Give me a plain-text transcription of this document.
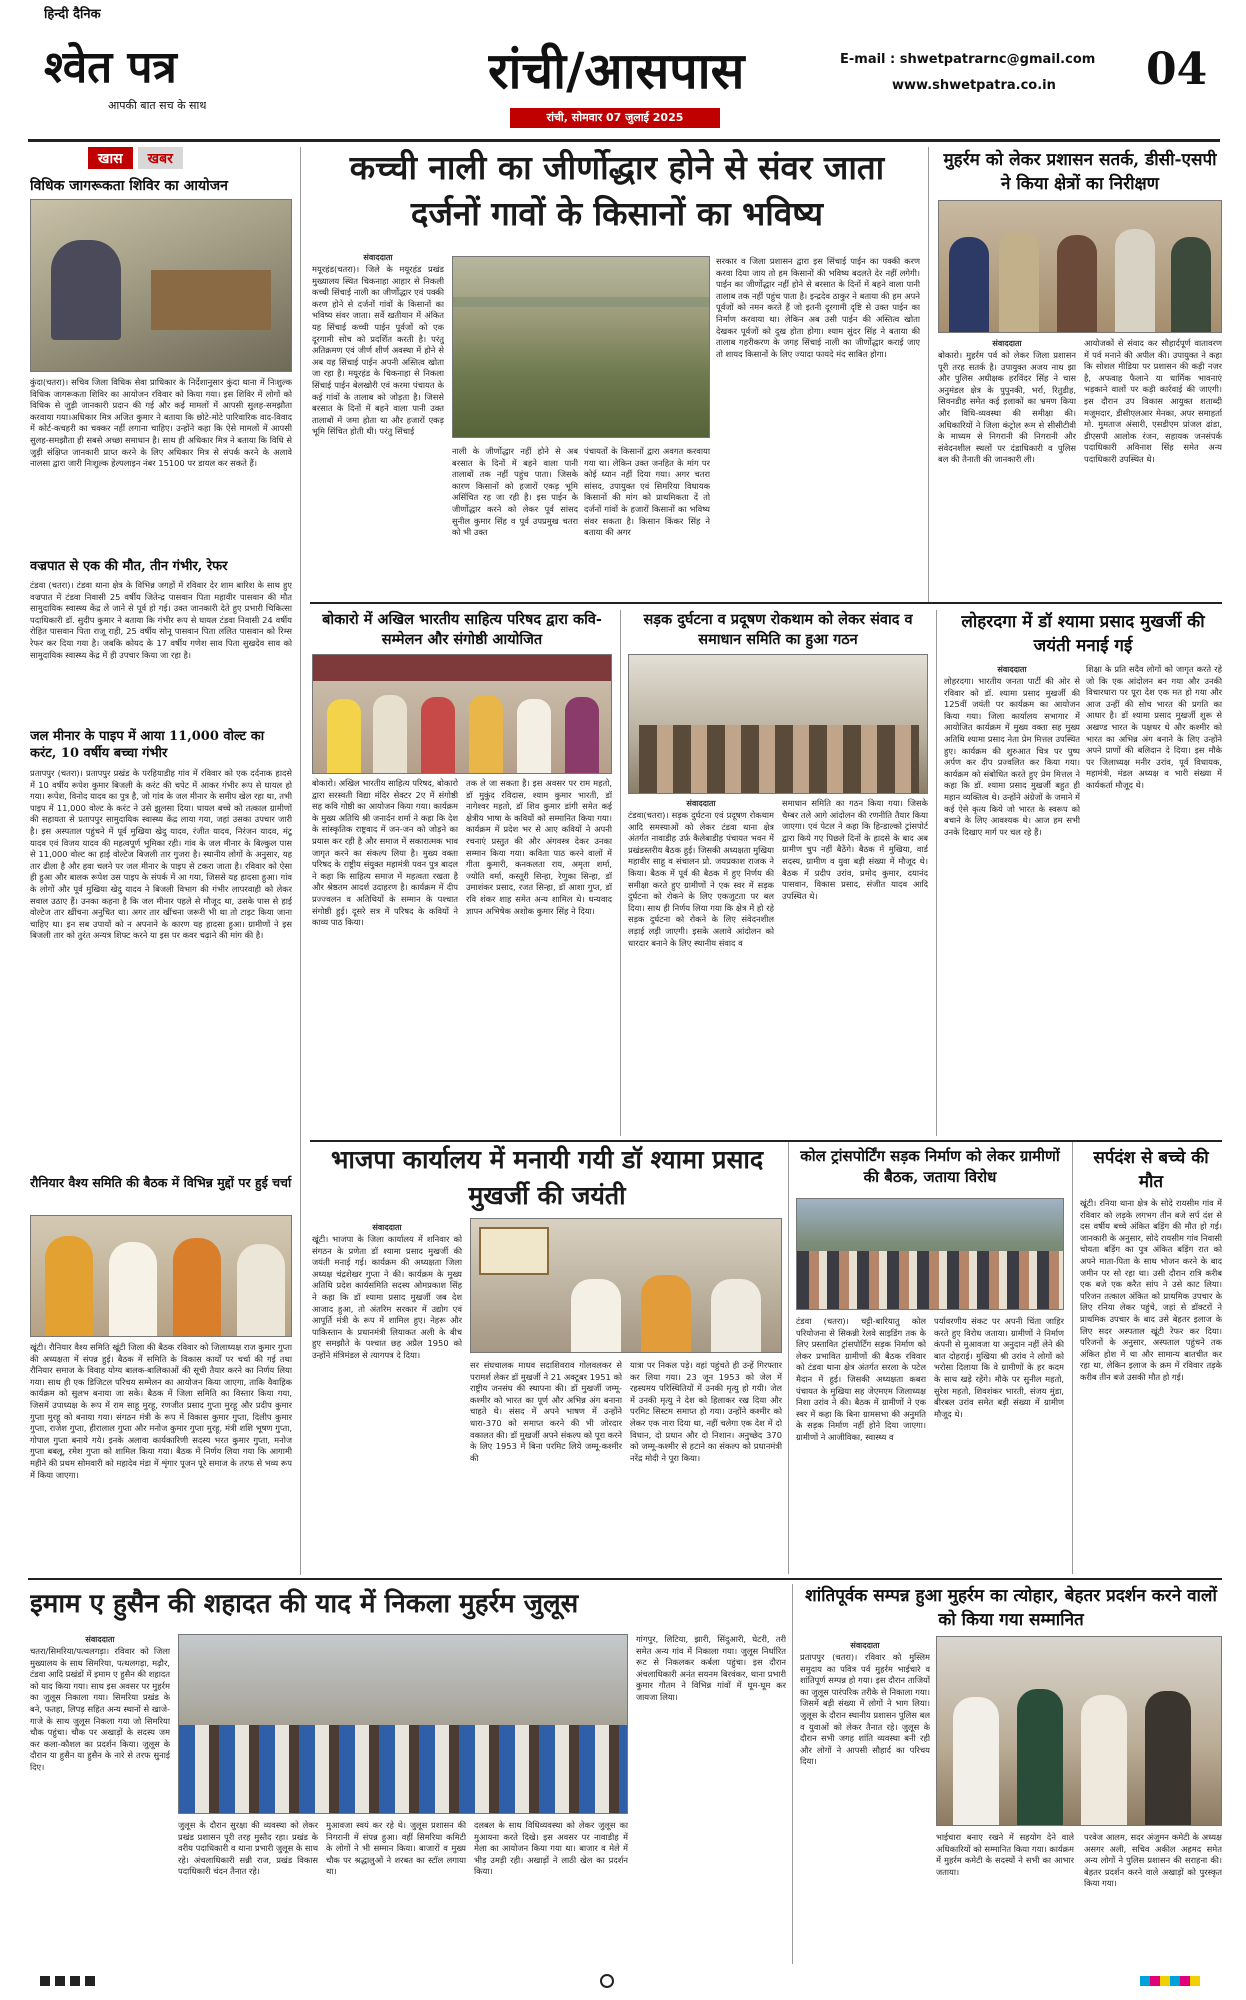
हिन्दी दैनिक
श्वेत पत्र
आपकी बात सच के साथ
रांची/आसपास
रांची, सोमवार 07 जुलाई 2025
E-mail : shwetpatrarnc@gmail.com
www.shwetpatra.co.in	04
खास खबर
विधिक जागरूकता शिविर का आयोजन
कुंदा(चतरा)। सचिव जिला विधिक सेवा प्राधिकार के निर्देशानुसार कुंदा थाना में निःशुल्क विधिक जागरूकता शिविर का आयोजन रविवार को किया गया। इस शिविर में लोगों को विधिक से जुड़ी जानकारी प्रदान की गई और कई मामलों में आपसी सुलह-समझौता करवाया गया।अधिकार मित्र अजित कुमार ने बताया कि छोटे-मोटे पारिवारिक वाद-विवाद में कोर्ट-कचहरी का चक्कर नहीं लगाना चाहिए। उन्होंने कहा कि ऐसे मामलों में आपसी सुलह-समझौता ही सबसे अच्छा समाधान है। साथ ही अधिकार मित्र ने बताया कि विधि से जुड़ी संक्षिप्त जानकारी प्राप्त करने के लिए अधिकार मित्र से संपर्क करने के अलावे नालसा द्वारा जारी निःशुल्क हेल्पलाइन नंबर 15100 पर डायल कर सकते हैं।
वज्रपात से एक की मौत, तीन गंभीर, रेफर
टंडवा (चतरा)। टंडवा थाना क्षेत्र के विभिन्न जगहों में रविवार देर शाम बारिश के साथ हुए वज्रपात में टंडवा निवासी 25 वर्षीय जितेन्द्र पासवान पिता महावीर पासवान की मौत सामुदायिक स्वास्थ्य केंद्र ले जाने से पूर्व हो गई। उक्त जानकारी देते हुए प्रभारी चिकित्सा पदाधिकारी डॉ. सुदीप कुमार ने बताया कि गंभीर रूप से घायल टंडवा निवासी 24 वर्षीय रोहित पासवान पिता राजू राही, 25 वर्षीय सोनू पासवान पिता ललित पासवान को रिम्स रेफर कर दिया गया है। जबकि कोयद के 17 वर्षीय गणेश साव पिता सुखदेव साव को सामुदायिक स्वास्थ्य केंद्र में ही उपचार किया जा रहा है।
जल मीनार के पाइप में आया 11,000 वोल्ट का करंट, 10 वर्षीय बच्चा गंभीर
प्रतापपुर (चतरा)। प्रतापपुर प्रखंड के परहियाडीह गांव में रविवार को एक दर्दनाक हादसे में 10 वर्षीय रूपेश कुमार बिजली के करंट की चपेट में आकर गंभीर रूप से घायल हो गया। रूपेश, विनोद यादव का पुत्र है, जो गांव के जल मीनार के समीप खेल रहा था, तभी पाइप में 11,000 वोल्ट के करंट ने उसे झुलसा दिया। घायल बच्चे को तत्काल ग्रामीणों की सहायता से प्रतापपुर सामुदायिक स्वास्थ्य केंद्र लाया गया, जहां उसका उपचार जारी है। इस अस्पताल पहुंचने में पूर्व मुखिया खेदु यादव, रंजीत यादव, निरंजन यादव, मंटू यादव एवं विजय यादव की महत्वपूर्ण भूमिका रही। गांव के जल मीनार के बिल्कुल पास से 11,000 वोल्ट का हाई वोल्टेज बिजली तार गुजरा है। स्थानीय लोगों के अनुसार, यह तार ढीला है और हवा चलने पर जल मीनार के पाइप से टकरा जाता है। रविवार को ऐसा ही हुआ और बालक रूपेश उस पाइप के संपर्क में आ गया, जिससे यह हादसा हुआ। गांव के लोगों और पूर्व मुखिया खेदु यादव ने बिजली विभाग की गंभीर लापरवाही को लेकर सवाल उठाए हैं। उनका कहना है कि जल मीनार पहले से मौजूद था, उसके पास से हाई वोल्टेज तार खींचना अनुचित था। अगर तार खींचना जरूरी भी था तो टाइट किया जाना चाहिए था। इन सब उपायों को न अपनाने के कारण यह हादसा हुआ। ग्रामीणों ने इस बिजली तार को तुरंत अन्यत्र शिफ्ट करने या इस पर कवर चढ़ाने की मांग की है।
रौनियार वैश्य समिति की बैठक में विभिन्न मुद्दों पर हुई चर्चा
खूंटी। रौनियार वैश्य समिति खूंटी जिला की बैठक रविवार को जिलाध्यक्ष राज कुमार गुप्ता की अध्यक्षता में संपन्न हुई। बैठक में समिति के विकास कार्यों पर चर्चा की गई तथा रौनियार समाज के विवाह योग्य बालक-बालिकाओं की सूची तैयार करने का निर्णय लिया गया। साथ ही एक डिजिटल परिचय सम्मेलन का आयोजन किया जाएगा, ताकि वैवाहिक कार्यक्रम को सुलभ बनाया जा सके। बैठक में जिला समिति का विस्तार किया गया, जिसमें उपाध्यक्ष के रूप में राम साहू मुरहू, रणजीत प्रसाद गुप्ता मुरहू और प्रदीप कुमार गुप्ता मुरहू को बनाया गया। संगठन मंत्री के रूप में विकास कुमार गुप्ता, दिलीप कुमार गुप्ता, राजेश गुप्ता, हीरालाल गुप्ता और मनोज कुमार गुप्ता मुरहू, मंत्री शशि भूषण गुप्ता, गोपाल गुप्ता बनाये गये। इनके अलावा कार्यकारिणी सदस्य भरत कुमार गुप्ता, मनोज गुप्ता बबलू, रमेश गुप्ता को शामिल किया गया। बैठक में निर्णय लिया गया कि आगामी महीने की प्रथम सोमवारी को महादेव मंडा में शृंगार पूजन पूरे समाज के तरफ से भव्य रूप में किया जाएगा।
कच्ची नाली का जीर्णोद्धार होने से संवर जाता दर्जनों गावों के किसानों का भविष्य
संवाददाता
मयूरहंड(चतरा)। जिले के मयूरहंड प्रखंड मुख्यालय स्थित चिकनाहा आहार से निकली कच्ची सिंचाई नाली का जीर्णोद्धार एवं पक्की करण होने से दर्जनों गांवों के किसानों का भविष्य संवर जाता। सर्वे खतीयान में अंकित यह सिंचाई कच्ची पाईन पूर्वजों को एक दूरगामी सोच को प्रदर्शित करती है। परंतु अतिक्रमण एवं जीर्ण शीर्ण अवस्था में होने से अब यह सिंचाई पाईन अपनी अस्तित्व खोता जा रहा है। मयूरहंड के चिकनाहा से निकला सिंचाई पाईन बेलखोरी एवं करमा पंचायत के कई गांवों के तालाब को जोड़ता है। जिससे बरसात के दिनों में बहने वाला पानी उक्त तालाबों में जमा होता था और हजारों एकड़ भूमि सिंचित होती थी। परंतु सिंचाई
नाली के जीर्णोद्धार नहीं होने से अब बरसात के दिनों में बहने वाला पानी तालाबों तक नहीं पहुंच पाता। जिसके कारण किसानों को हजारों एकड़ भूमि असिंचित रह जा रही है। इस पाईन के जीर्णोद्धार करने को लेकर पूर्व सांसद सुनील कुमार सिंह व पूर्व उपप्रमुख चतरा को भी उक्त
पंचायतों के किसानों द्वारा अवगत करवाया गया था। लेकिन उक्त जनहित के मांग पर कोई ध्यान नहीं दिया गया। अगर चतरा सांसद, उपायुक्त एवं सिमरिया विधायक किसानों की मांग को प्राथमिकता दें तो दर्जनों गांवों के हजारों किसानों का भविष्य संवर सकता है। किसान किंकर सिंह ने बताया की अगर
सरकार व जिला प्रशासन द्वारा इस सिंचाई पाईन का पक्की करण करवा दिया जाय तो हम किसानों की भविष्य बदलते देर नहीं लगेगी। पाईन का जीर्णोद्धार नहीं होने से बरसात के दिनों में बहने वाला पानी तालाब तक नहीं पहुंच पाता है। इन्द्रदेव ठाकुर ने बताया की हम अपने पूर्वजों को नमन करते हैं जो इतनी दूरगामी दृष्टि से उक्त पाईन का निर्माण करवाया था। लेकिन अब उसी पाईन की अस्तित्व खोता देखकर पूर्वजों को दुख होता होगा। श्याम सुंदर सिंह ने बताया की तालाब गहरीकरण के जगह सिंचाई नाली का जीर्णोद्धार कराई जाए तो शायद किसानों के लिए ज्यादा फायदे मंद साबित होगा।
मुहर्रम को लेकर प्रशासन सतर्क, डीसी-एसपी ने किया क्षेत्रों का निरीक्षण
संवाददाता
बोकारो। मुहर्रम पर्व को लेकर जिला प्रशासन पूरी तरह सतर्क है। उपायुक्त अजय नाथ झा और पुलिस अधीक्षक हरविंदर सिंह ने चास अनुमंडल क्षेत्र के पुपुनकी, भर्रा, रितुडीह, सिवनडीह समेत कई इलाकों का भ्रमण किया और विधि-व्यवस्था की समीक्षा की। अधिकारियों ने जिला कंट्रोल रूम से सीसीटीवी के माध्यम से निगरानी की निगरानी और संवेदनशील स्थलों पर दंडाधिकारी व पुलिस बल की तैनाती की जानकारी ली।
आयोजकों से संवाद कर सौहार्दपूर्ण वातावरण में पर्व मनाने की अपील की। उपायुक्त ने कहा कि सोशल मीडिया पर प्रशासन की कड़ी नजर है, अफवाह फैलाने या धार्मिक भावनाएं भड़काने वालों पर कड़ी कार्रवाई की जाएगी। इस दौरान उप विकास आयुक्त शताब्दी मजूमदार, डीसीएलआर मेनका, अपर समाहर्ता मो. मुमताज अंसारी, एसडीएम प्रांजल ढांडा, डीएसपी आलोक रंजन, सहायक जनसंपर्क पदाधिकारी अविनाश सिंह समेत अन्य पदाधिकारी उपस्थित थे।
बोकारो में अखिल भारतीय साहित्य परिषद द्वारा कवि-सम्मेलन और संगोष्ठी आयोजित
बोकारो। अखिल भारतीय साहित्य परिषद, बोकारो द्वारा सरस्वती विद्या मंदिर सेक्टर 2ए में संगोष्ठी सह कवि गोष्ठी का आयोजन किया गया। कार्यक्रम के मुख्य अतिथि श्री जनार्दन शर्मा ने कहा कि देश के सांस्कृतिक राष्ट्रवाद में जन-जन को जोड़ने का प्रयास कर रही है और समाज में सकारात्मक भाव जागृत करने का संकल्प लिया है। मुख्य वक्ता परिषद के राष्ट्रीय संयुक्त महामंत्री पवन पुत्र बादल ने कहा कि साहित्य समाज में महत्वता रखता है और श्रेष्ठतम आदर्श उदाहरण है। कार्यक्रम में दीप प्रज्ज्वलन व अतिथियों के सम्मान के पश्चात संगोष्ठी हुई। दूसरे सत्र में परिषद के कवियों ने काव्य पाठ किया।
तक ले जा सकता है। इस अवसर पर राम महतो, डॉ मुकुंद रविदास, श्याम कुमार भारती, डॉ नागेश्वर महतो, डॉ शिव कुमार डांगी समेत कई क्षेत्रीय भाषा के कवियों को सम्मानित किया गया। कार्यक्रम में प्रदेश भर से आए कवियों ने अपनी रचनाएं प्रस्तुत की और अंगवस्त्र देकर उनका सम्मान किया गया। कविता पाठ करने वालों में गीता कुमारी, कनकलता राय, अमृता शर्मा, ज्योति वर्मा, कस्तूरी सिन्हा, रेणुका सिन्हा, डॉ उमाशंकर प्रसाद, रजत सिन्हा, डॉ आशा गुप्त, डॉ रवि शंकर शाह समेत अन्य शामिल थे। धन्यवाद ज्ञापन अभिषेक अशोक कुमार सिंह ने दिया।
सड़क दुर्घटना व प्रदूषण रोकथाम को लेकर संवाद व समाधान समिति का हुआ गठन
संवाददाता
टंडवा(चतरा)। सड़क दुर्घटना एवं प्रदूषण रोकथाम आदि समस्याओं को लेकर टंडवा थाना क्षेत्र अंतर्गत नावाडीह उर्फ़ कैलेबाडीह पंचायत भवन में प्रखंडस्तरीय बैठक हुई। जिसकी अध्यक्षता मुखिया महावीर साहू व संचालन प्रो. जयप्रकाश राजक ने किया। बैठक में पूर्व की बैठक में हुए निर्णय की समीक्षा करते हुए ग्रामीणों ने एक स्वर में सड़क दुर्घटना को रोकने के लिए एकजुटता पर बल दिया। साथ ही निर्णय लिया गया कि क्षेत्र में हो रहे सड़क दुर्घटना को रोकने के लिए संवेदनशील लड़ाई लड़ी जाएगी। इसके अलावे आंदोलन को धारदार बनाने के लिए स्थानीय संवाद व
समाधान समिति का गठन किया गया। जिसके चैम्बर तले आगे आंदोलन की रणनीति तैयार किया जाएगा। एवं पेटल ने कहा कि हिन्डाल्को ट्रांसपोर्ट द्वारा किये गए पिछले दिनों के हादसे के बाद अब ग्रामीण चुप नहीं बैठेंगे। बैठक में मुखिया, वार्ड सदस्य, ग्रामीण व युवा बड़ी संख्या में मौजूद थे। बैठक में प्रदीप उरांव, प्रमोद कुमार, दयानंद पासवान, विकास प्रसाद, संजीत यादव आदि उपस्थित थे।
लोहरदगा में डॉ श्यामा प्रसाद मुखर्जी की जयंती मनाई गई
संवाददाता
लोहरदगा। भारतीय जनता पार्टी की ओर से रविवार को डॉ. श्यामा प्रसाद मुखर्जी की 125वीं जयंती पर कार्यक्रम का आयोजन किया गया। जिला कार्यालय सभागार में आयोजित कार्यक्रम में मुख्य वक्ता सह मुख्य अतिथि श्यामा प्रसाद नेता प्रेम मित्तल उपस्थित हुए। कार्यक्रम की शुरुआत चित्र पर पुष्प अर्पण कर दीप प्रज्वलित कर किया गया। कार्यक्रम को संबोधित करते हुए प्रेम मित्तल ने कहा कि डॉ. श्यामा प्रसाद मुखर्जी बहुत ही महान व्यक्तित्व थे। उन्होंने अंग्रेजों के जमाने में कई ऐसे कृत्य किये जो भारत के स्वरूप को बचाने के लिए आवश्यक थे। आज हम सभी उनके दिखाए मार्ग पर चल रहे हैं।
शिक्षा के प्रति सदैव लोगों को जागृत करते रहे जो कि एक आंदोलन बन गया और उनकी विचारधारा पर पूरा देश एक मत हो गया और आज उन्हीं की सोच भारत की प्रगति का आधार है। डॉ श्यामा प्रसाद मुखर्जी शुरू से अखण्ड भारत के पक्षधर थे और कश्मीर को भारत का अभिन्न अंग बनाने के लिए उन्होंने अपने प्राणों की बलिदान दे दिया। इस मौके पर जिलाध्यक्ष मनीर उरांव, पूर्व विधायक, महामंत्री, मंडल अध्यक्ष व भारी संख्या में कार्यकर्ता मौजूद थे।
भाजपा कार्यालय में मनायी गयी डॉ श्यामा प्रसाद मुखर्जी की जयंती
संवाददाता
खूंटी। भाजपा के जिला कार्यालय में शनिवार को संगठन के प्रणेता डॉ श्यामा प्रसाद मुखर्जी की जयंती मनाई गई। कार्यक्रम की अध्यक्षता जिला अध्यक्ष चंद्रशेखर गुप्ता ने की। कार्यक्रम के मुख्य अतिथि प्रदेश कार्यसमिति सदस्य ओमप्रकाश सिंह ने कहा कि डॉ श्यामा प्रसाद मुखर्जी जब देश आजाद हुआ, तो अंतरिम सरकार में उद्योग एवं आपूर्ति मंत्री के रूप में शामिल हुए। नेहरू और पाकिस्तान के प्रधानमंत्री लियाकत अली के बीच हुए समझौते के पश्चात छह अप्रैल 1950 को उन्होंने मंत्रिमंडल से त्यागपत्र दे दिया।
सर संघचालक माधव सदाशिवराव गोलवलकर से परामर्श लेकर डॉ मुखर्जी ने 21 अक्टूबर 1951 को राष्ट्रीय जनसंघ की स्थापना की। डॉ मुखर्जी जम्मू-कश्मीर को भारत का पूर्ण और अभिन्न अंग बनाना चाहते थे। संसद में अपने भाषण में उन्होंने धारा-370 को समाप्त करने की भी जोरदार वकालत की। डॉ मुखर्जी अपने संकल्प को पूरा करने के लिए 1953 में बिना परमिट लिये जम्मू-कश्मीर की
यात्रा पर निकल पड़े। वहां पहुंचते ही उन्हें गिरफ्तार कर लिया गया। 23 जून 1953 को जेल में रहस्यमय परिस्थितियों में उनकी मृत्यु हो गयी। जेल में उनकी मृत्यु ने देश को हिलाकर रख दिया और परमिट सिस्टम समाप्त हो गया। उन्होंने कश्मीर को लेकर एक नारा दिया था, नहीं चलेगा एक देश में दो विधान, दो प्रधान और दो निशान। अनुच्छेद 370 को जम्मू-कश्मीर से हटाने का संकल्प को प्रधानमंत्री नरेंद्र मोदी ने पूरा किया।
कोल ट्रांसपोर्टिंग सड़क निर्माण को लेकर ग्रामीणों की बैठक, जताया विरोध
टंडवा (चतरा)। चट्टी-बारियातु कोल परियोजना से सिकन्नी रेलवे साइडिंग तक के लिए प्रस्तावित ट्रांसपोर्टिंग सड़क निर्माण को लेकर प्रभावित ग्रामीणों की बैठक रविवार को टंडवा थाना क्षेत्र अंतर्गत सरला के पटेल मैदान में हुई। जिसकी अध्यक्षता कबरा पंचायत के मुखिया सह जेएमएम जिलाध्यक्ष निशा उरांव ने की। बैठक में ग्रामीणों ने एक स्वर में कहा कि बिना ग्रामसभा की अनुमति के सड़क निर्माण नहीं होने दिया जाएगा। ग्रामीणों ने आजीविका, स्वास्थ्य व
पर्यावरणीय संकट पर अपनी चिंता जाहिर करते हुए विरोध जताया। ग्रामीणों ने निर्माण कंपनी से मुआवजा या अनुदान नहीं लेने की बात दोहराई। मुखिया श्री उरांव ने लोगों को भरोसा दिलाया कि वे ग्रामीणों के हर कदम के साथ खड़े रहेंगे। मौके पर सुनील महतो, सुरेश महतो, शिवशंकर भारती, संजय मुंडा, बीरबल उरांव समेत बड़ी संख्या में ग्रामीण मौजूद थे।
सर्पदंश से बच्चे की मौत
खूंटी। रनिया थाना क्षेत्र के सोदे रायसीम गांव में रविवार को लड़के लगभग तीन बजे सर्प दंश से दस वर्षीय बच्चे अंकित बड़िंग की मौत हो गई। जानकारी के अनुसार, सोदे रायसीम गांव निवासी चोयता बड़िंग का पुत्र अंकित बड़िंग रात को अपने माता-पिता के साथ भोजन करने के बाद जमीन पर सो रहा था। उसी दौरान रात्रि करीब एक बजे एक करैत सांप ने उसे काट लिया। परिजन तत्काल अंकित को प्राथमिक उपचार के लिए रनिया लेकर पहुंचे, जहां से डॉक्टरों ने प्राथमिक उपचार के बाद उसे बेहतर इलाज के लिए सदर अस्पताल खूंटी रेफर कर दिया। परिजनों के अनुसार, अस्पताल पहुंचने तक अंकित होश में था और सामान्य बातचीत कर रहा था, लेकिन इलाज के क्रम में रविवार तड़के करीब तीन बजे उसकी मौत हो गई।
इमाम ए हुसैन की शहादत की याद में निकला मुहर्रम जुलूस
संवाददाता
चतरा/सिमरिया/पत्थलगड़ा। रविवार को जिला मुख्यालय के साथ सिमरिया, पत्थलगड़ा, मढ़ौर, टंडवा आदि प्रखंडों में इमाम ए हुसैन की शहादत को याद किया गया। साथ इस अवसर पर मुहर्रम का जुलूस निकाला गया। सिमरिया प्रखंड के बने, फतहा, लिपड़ सहित अन्य स्थानों से खाजे-गाजे के साथ जुलूस निकला गया जो सिमरिया चौक पहुंचा। चौक पर अखाड़ों के सदस्य जम कर कला-कौशल का प्रदर्शन किया। जुलूस के दौरान या हुसैन या हुसैन के नारे से तरफ सुनाई दिए।
जुलूस के दौरान सुरक्षा की व्यवस्था को लेकर प्रखंड प्रशासन पूरी तरह मुस्तैद रहा। प्रखंड के वरीय पदाधिकारी व थाना प्रभारी जुलूस के साथ रहे। अंचलाधिकारी सन्नी राज, प्रखंड विकास पदाधिकारी चंदन तैनात रहे।
मुआवजा स्वयं कर रहे थे। जुलूस प्रशासन की निगरानी में संपन्न हुआ। वहीं सिमरिया कमिटी के लोगों ने भी सम्मान किया। बाजारों व मुख्य चौक पर श्रद्धालुओं ने शरबत का स्टॉल लगाया था।
दलबल के साथ विधिव्यवस्था को लेकर जुलूस का मुआयना करते दिखे। इस अवसर पर नावाडीह में मेला का आयोजन किया गया था। बाजार व मेले में भीड़ उमड़ी रही। अखाड़ों ने लाठी खेल का प्रदर्शन किया।
गांगपुर, लिटिया, झारी, सिंदुआरी, घेटरी, तरी समेत अन्य गांव में निकाला गया। जुलूस निर्धारित रूट से निकलकर कर्बला पहुंचा। इस दौरान अंचलाधिकारी अनंत सयनम बिरवंकर, थाना प्रभारी कुमार गौतम ने विभिन्न गांवों में घूम-घूम कर जायजा लिया।
शांतिपूर्वक सम्पन्न हुआ मुहर्रम का त्योहार, बेहतर प्रदर्शन करने वालों को किया गया सम्मानित
संवाददाता
प्रतापपुर (चतरा)। रविवार को मुस्लिम समुदाय का पवित्र पर्व मुहर्रम भाईचारे व शांतिपूर्ण सम्पन्न हो गया। इस दौरान ताजियों का जुलूस पारंपरिक तरीके से निकाला गया। जिसमें बड़ी संख्या में लोगों ने भाग लिया। जुलूस के दौरान स्थानीय प्रशासन पुलिस बल व युवाओं को लेकर तैनात रहे। जुलूस के दौरान सभी जगह शांति व्यवस्था बनी रही और लोगों ने आपसी सौहार्द का परिचय दिया।
भाईचारा बनाए रखने में सहयोग देने वाले अधिकारियों को सम्मानित किया गया। कार्यक्रम में मुहर्रम कमेटी के सदस्यों ने सभी का आभार जताया।
परवेज आलम, सदर अंजुमन कमेटी के अध्यक्ष असगर अली, सचिव अकील अहमद समेत अन्य लोगों ने पुलिस प्रशासन की सराहना की। बेहतर प्रदर्शन करने वाले अखाड़ों को पुरस्कृत किया गया।
